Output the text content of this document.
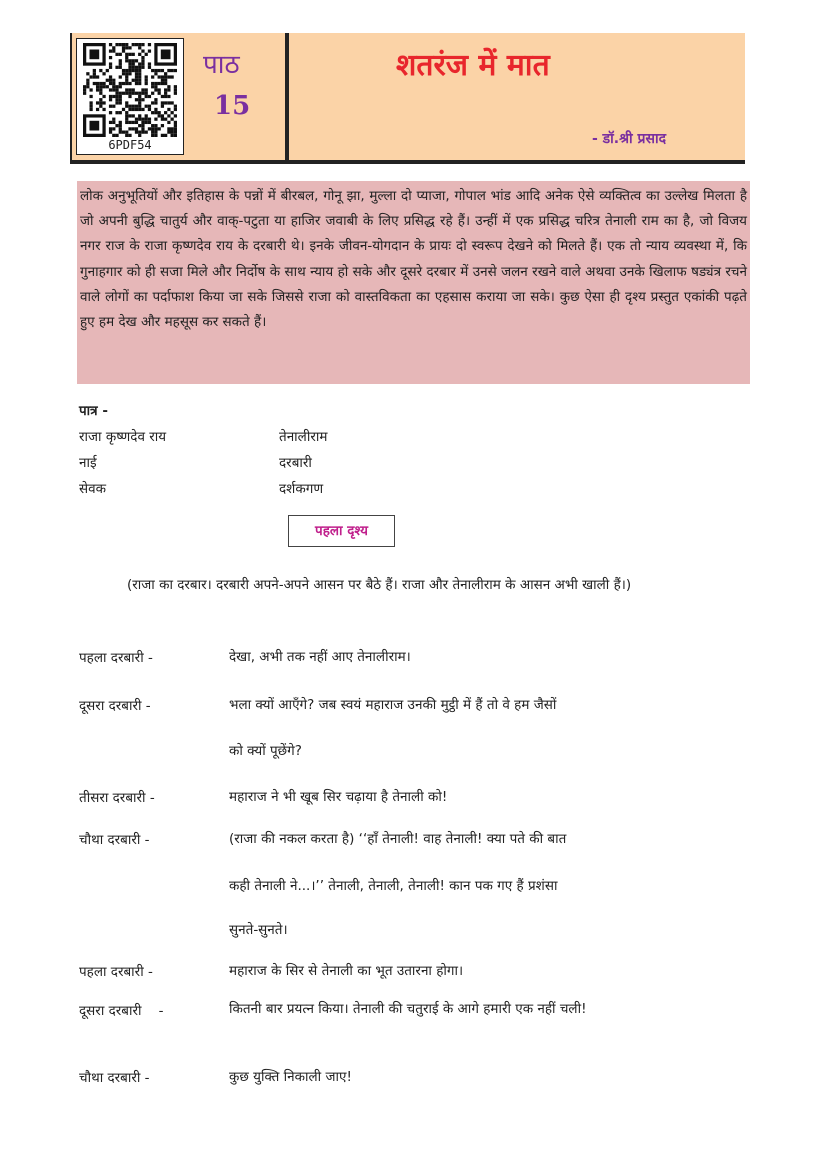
6PDF54
पाठ
15
शतरंज में मात
- डॉ.श्री प्रसाद

लोक अनुभूतियों और इतिहास के पन्नों में बीरबल, गोनू झा, मुल्ला दो प्याजा, गोपाल भांड आदि अनेक ऐसे व्यक्तित्व का उल्लेख मिलता है जो अपनी बुद्धि चातुर्य और वाक्-पटुता या हाजिर जवाबी के लिए प्रसिद्ध रहे हैं। उन्हीं में एक प्रसिद्ध चरित्र तेनाली राम का है, जो विजय नगर राज के राजा कृष्णदेव राय के दरबारी थे। इनके जीवन-योगदान के प्रायः दो स्वरूप देखने को मिलते हैं। एक तो न्याय व्यवस्था में, कि गुनाहगार को ही सजा मिले और निर्दोष के साथ न्याय हो सके और दूसरे दरबार में उनसे जलन रखने वाले अथवा उनके खिलाफ षड्यंत्र रचने वाले लोगों का पर्दाफाश किया जा सके जिससे राजा को वास्तविकता का एहसास कराया जा सके। कुछ ऐसा ही दृश्य प्रस्तुत एकांकी पढ़ते हुए हम देख और महसूस कर सकते हैं।

पात्र -
राजा कृष्णदेव राय	तेनालीराम
नाई	दरबारी
सेवक	दर्शकगण
पहला दृश्य

(राजा का दरबार। दरबारी अपने-अपने आसन पर बैठे हैं। राजा और तेनालीराम के आसन अभी खाली हैं।)

पहला दरबारी -	देखा, अभी तक नहीं आए तेनालीराम।

दूसरा दरबारी -	भला क्यों आएँगे? जब स्वयं महाराज उनकी मुट्ठी में हैं तो वे हम जैसों

को क्यों पूछेंगे?

तीसरा दरबारी -	महाराज ने भी खूब सिर चढ़ाया है तेनाली को!

चौथा दरबारी -	(राजा की नकल करता है) ‘‘हाँ तेनाली! वाह तेनाली! क्या पते की बात

कही तेनाली ने...।’’ तेनाली, तेनाली, तेनाली! कान पक गए हैं प्रशंसा

सुनते-सुनते।

पहला दरबारी -	महाराज के सिर से तेनाली का भूत उतारना होगा।

दूसरा दरबारी    -	कितनी बार प्रयत्न किया। तेनाली की चतुराई के आगे हमारी एक नहीं चली!

चौथा दरबारी -	कुछ युक्ति निकाली जाए!
